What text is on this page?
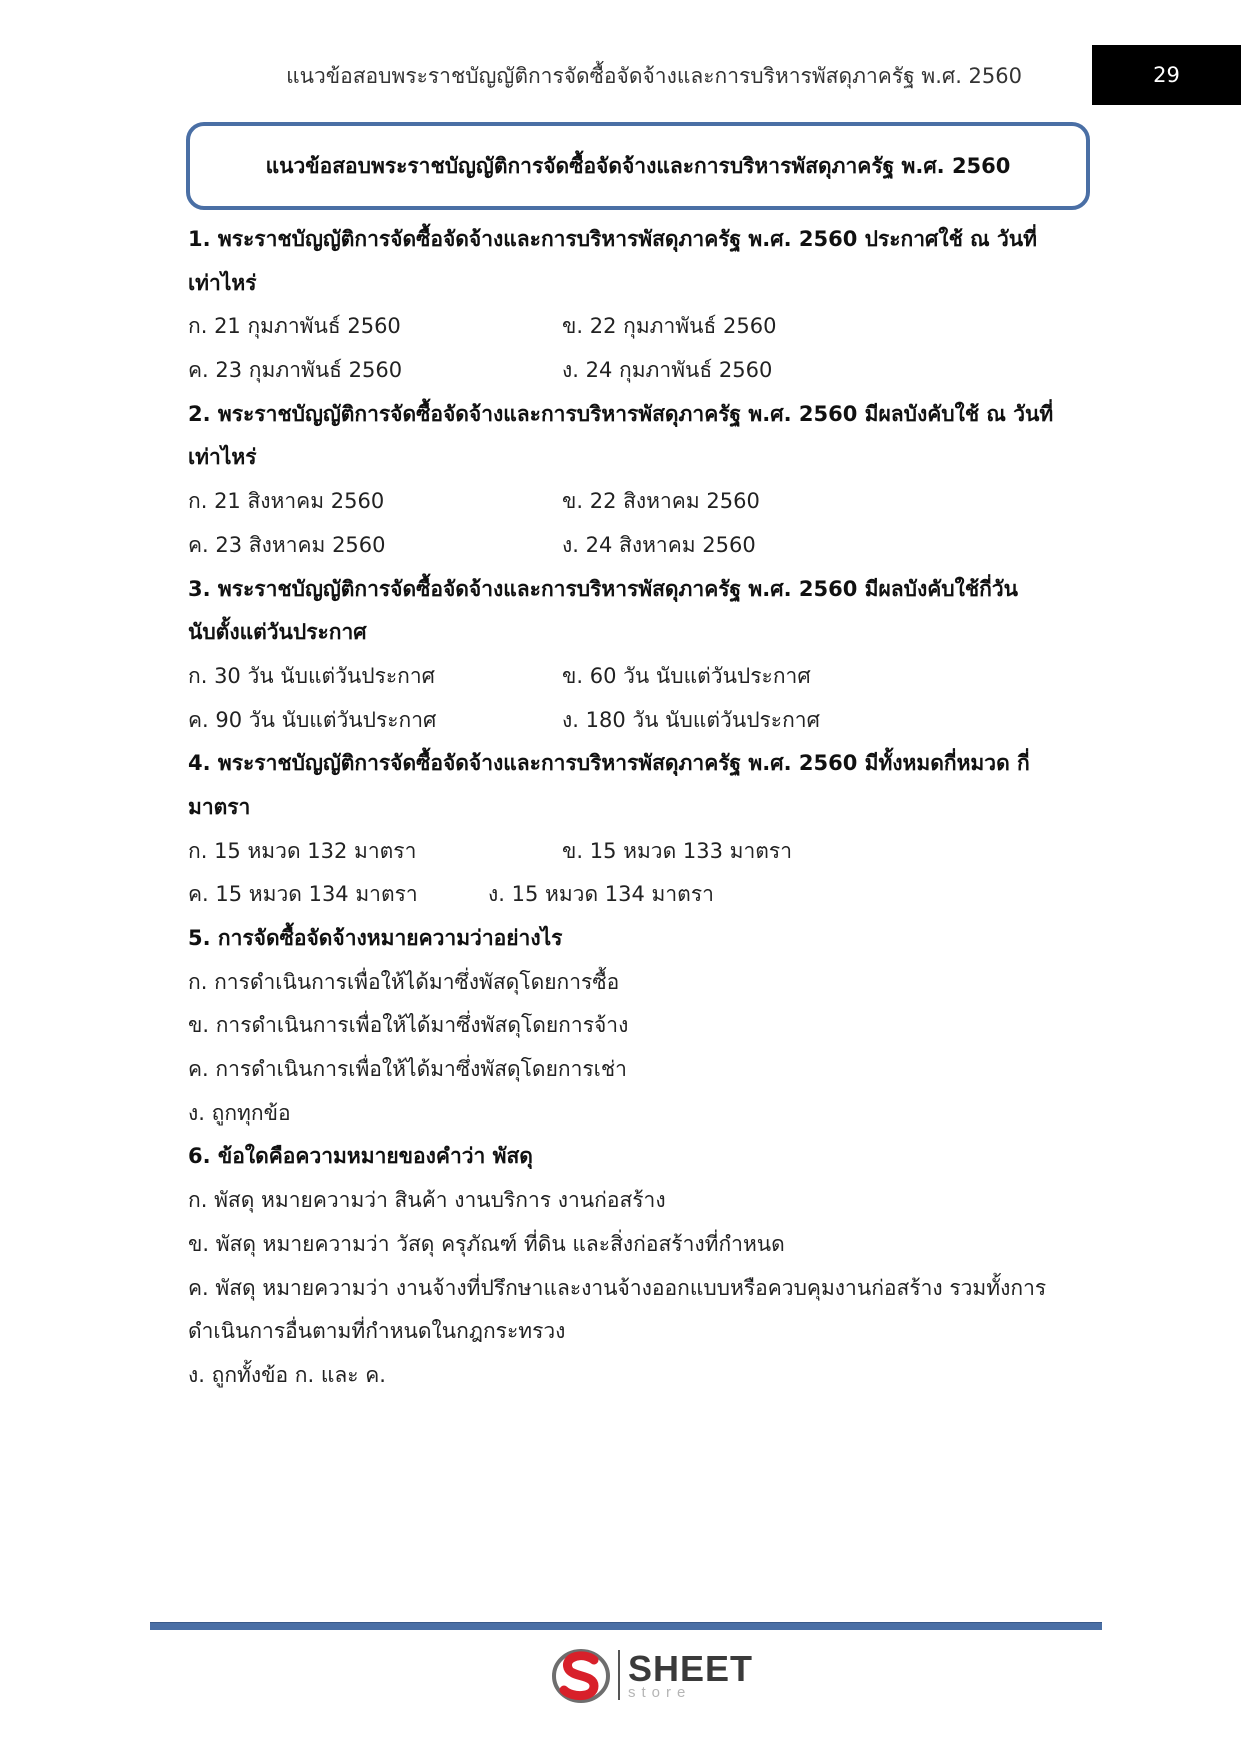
แนวข้อสอบพระราชบัญญัติการจัดซื้อจัดจ้างและการบริหารพัสดุภาครัฐ พ.ศ. 2560	29
แนวข้อสอบพระราชบัญญัติการจัดซื้อจัดจ้างและการบริหารพัสดุภาครัฐ พ.ศ. 2560
1. พระราชบัญญัติการจัดซื้อจัดจ้างและการบริหารพัสดุภาครัฐ พ.ศ. 2560 ประกาศใช้ ณ วันที่
เท่าไหร่
ก. 21 กุมภาพันธ์ 2560	ข. 22 กุมภาพันธ์ 2560
ค. 23 กุมภาพันธ์ 2560	ง. 24 กุมภาพันธ์ 2560
2. พระราชบัญญัติการจัดซื้อจัดจ้างและการบริหารพัสดุภาครัฐ พ.ศ. 2560 มีผลบังคับใช้ ณ วันที่
เท่าไหร่
ก. 21 สิงหาคม 2560	ข. 22 สิงหาคม 2560
ค. 23 สิงหาคม 2560	ง. 24 สิงหาคม 2560
3. พระราชบัญญัติการจัดซื้อจัดจ้างและการบริหารพัสดุภาครัฐ พ.ศ. 2560 มีผลบังคับใช้กี่วัน
นับตั้งแต่วันประกาศ
ก. 30 วัน นับแต่วันประกาศ	ข. 60 วัน นับแต่วันประกาศ
ค. 90 วัน นับแต่วันประกาศ	ง. 180 วัน นับแต่วันประกาศ
4. พระราชบัญญัติการจัดซื้อจัดจ้างและการบริหารพัสดุภาครัฐ พ.ศ. 2560 มีทั้งหมดกี่หมวด กี่
มาตรา
ก. 15 หมวด 132 มาตรา	ข. 15 หมวด 133 มาตรา
ค. 15 หมวด 134 มาตรา	ง. 15 หมวด 134 มาตรา
5. การจัดซื้อจัดจ้างหมายความว่าอย่างไร
ก. การดำเนินการเพื่อให้ได้มาซึ่งพัสดุโดยการซื้อ
ข. การดำเนินการเพื่อให้ได้มาซึ่งพัสดุโดยการจ้าง
ค. การดำเนินการเพื่อให้ได้มาซึ่งพัสดุโดยการเช่า
ง. ถูกทุกข้อ
6. ข้อใดคือความหมายของคำว่า พัสดุ
ก. พัสดุ หมายความว่า สินค้า งานบริการ งานก่อสร้าง
ข. พัสดุ หมายความว่า วัสดุ ครุภัณฑ์ ที่ดิน และสิ่งก่อสร้างที่กำหนด
ค. พัสดุ หมายความว่า งานจ้างที่ปรึกษาและงานจ้างออกแบบหรือควบคุมงานก่อสร้าง รวมทั้งการ
ดำเนินการอื่นตามที่กำหนดในกฎกระทรวง
ง. ถูกทั้งข้อ ก. และ ค.
SHEET
store
